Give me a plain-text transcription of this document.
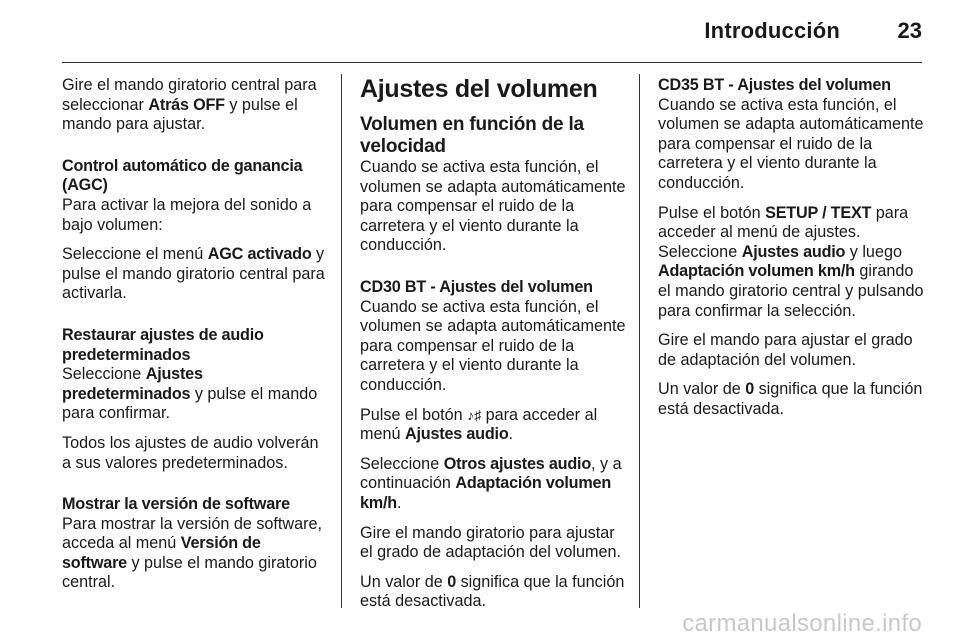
Introducción	23

Gire el mando giratorio central para seleccionar Atrás OFF y pulse el mando para ajustar.

Control automático de ganancia (AGC)
Para activar la mejora del sonido a bajo volumen:

Seleccione el menú AGC activado y pulse el mando giratorio central para activarla.

Restaurar ajustes de audio predeterminados
Seleccione Ajustes predeterminados y pulse el mando para confirmar.

Todos los ajustes de audio volverán a sus valores predeterminados.

Mostrar la versión de software
Para mostrar la versión de software, acceda al menú Versión de software y pulse el mando giratorio central.

Ajustes del volumen
Volumen en función de la velocidad

Cuando se activa esta función, el volumen se adapta automáticamente para compensar el ruido de la carretera y el viento durante la conducción.

CD30 BT - Ajustes del volumen
Cuando se activa esta función, el volumen se adapta automáticamente para compensar el ruido de la carretera y el viento durante la conducción.

Pulse el botón ♪♯ para acceder al menú Ajustes audio.

Seleccione Otros ajustes audio, y a continuación Adaptación volumen km/h.

Gire el mando giratorio para ajustar el grado de adaptación del volumen.

Un valor de 0 significa que la función está desactivada.

CD35 BT - Ajustes del volumen
Cuando se activa esta función, el volumen se adapta automáticamente para compensar el ruido de la carretera y el viento durante la conducción.

Pulse el botón SETUP / TEXT para acceder al menú de ajustes. Seleccione Ajustes audio y luego Adaptación volumen km/h girando el mando giratorio central y pulsando para confirmar la selección.

Gire el mando para ajustar el grado de adaptación del volumen.

Un valor de 0 significa que la función está desactivada.

carmanualsonline.info
